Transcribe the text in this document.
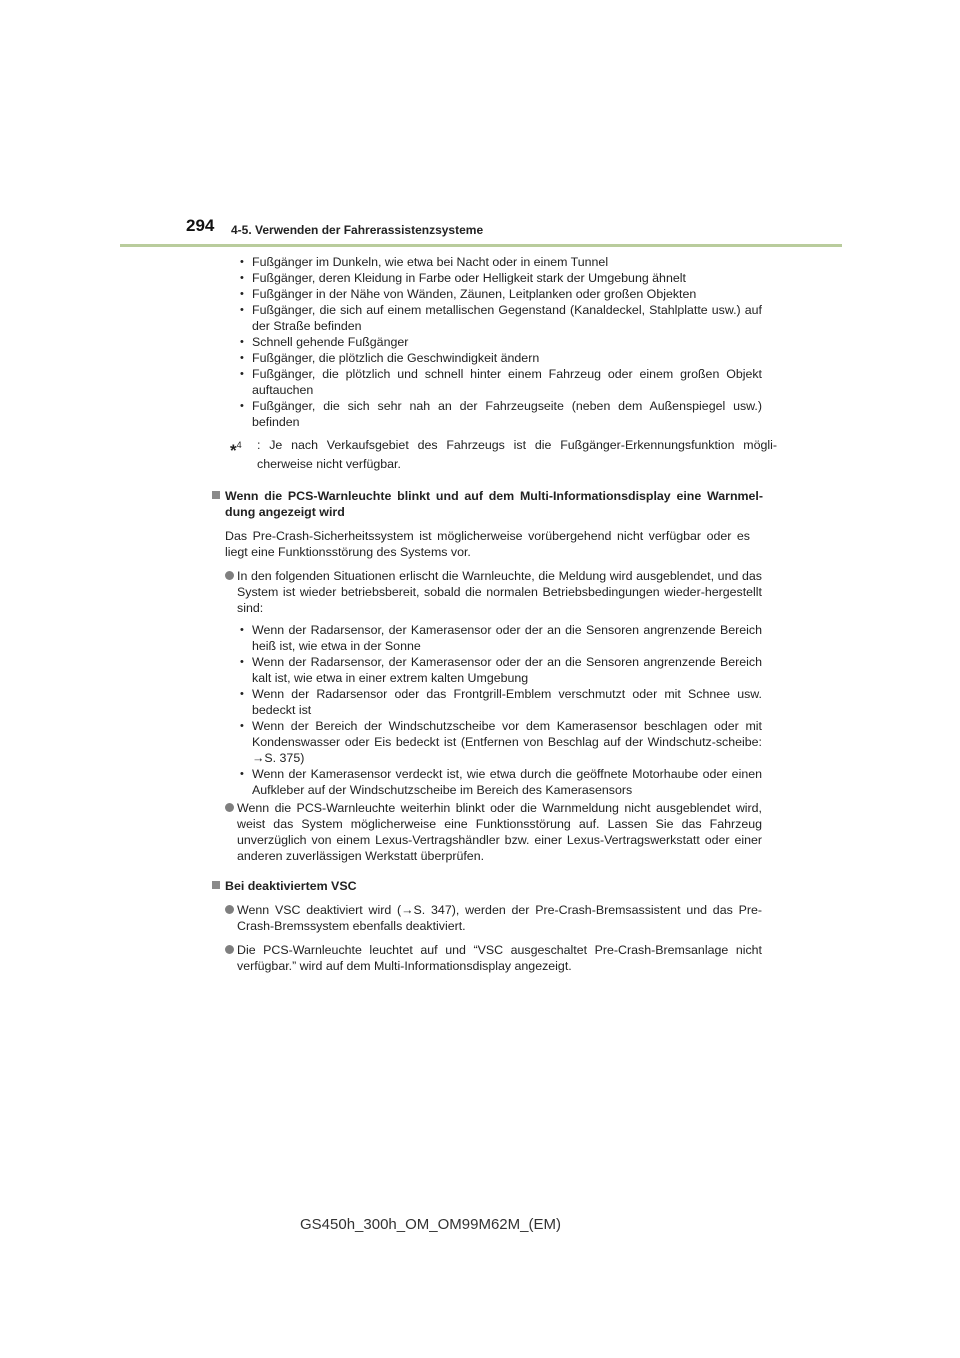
294 4-5. Verwenden der Fahrerassistenzsysteme
• Fußgänger im Dunkeln, wie etwa bei Nacht oder in einem Tunnel
• Fußgänger, deren Kleidung in Farbe oder Helligkeit stark der Umgebung ähnelt
• Fußgänger in der Nähe von Wänden, Zäunen, Leitplanken oder großen Objekten
• Fußgänger, die sich auf einem metallischen Gegenstand (Kanaldeckel, Stahlplatte usw.) auf der Straße befinden
• Schnell gehende Fußgänger
• Fußgänger, die plötzlich die Geschwindigkeit ändern
• Fußgänger, die plötzlich und schnell hinter einem Fahrzeug oder einem großen Objekt auftauchen
• Fußgänger, die sich sehr nah an der Fahrzeugseite (neben dem Außenspiegel usw.) befinden
*$^4$ : Je nach Verkaufsgebiet des Fahrzeugs ist die Fußgänger-Erkennungsfunktion mögli-cherweise nicht verfügbar.
Wenn die PCS-Warnleuchte blinkt und auf dem Multi-Informationsdisplay eine Warnmel-dung angezeigt wird
Das Pre-Crash-Sicherheitssystem ist möglicherweise vorübergehend nicht verfügbar oder es liegt eine Funktionsstörung des Systems vor.
In den folgenden Situationen erlischt die Warnleuchte, die Meldung wird ausgeblendet, und das System ist wieder betriebsbereit, sobald die normalen Betriebsbedingungen wieder-hergestellt sind:
• Wenn der Radarsensor, der Kamerasensor oder der an die Sensoren angrenzende Bereich heiß ist, wie etwa in der Sonne
• Wenn der Radarsensor, der Kamerasensor oder der an die Sensoren angrenzende Bereich kalt ist, wie etwa in einer extrem kalten Umgebung
• Wenn der Radarsensor oder das Frontgrill-Emblem verschmutzt oder mit Schnee usw. bedeckt ist
• Wenn der Bereich der Windschutzscheibe vor dem Kamerasensor beschlagen oder mit Kondenswasser oder Eis bedeckt ist (Entfernen von Beschlag auf der Windschutz-scheibe: →S. 375)
• Wenn der Kamerasensor verdeckt ist, wie etwa durch die geöffnete Motorhaube oder einen Aufkleber auf der Windschutzscheibe im Bereich des Kamerasensors
Wenn die PCS-Warnleuchte weiterhin blinkt oder die Warnmeldung nicht ausgeblendet wird, weist das System möglicherweise eine Funktionsstörung auf. Lassen Sie das Fahrzeug unverzüglich von einem Lexus-Vertragshändler bzw. einer Lexus-Vertragswerkstatt oder einer anderen zuverlässigen Werkstatt überprüfen.
Bei deaktiviertem VSC
Wenn VSC deaktiviert wird (→S. 347), werden der Pre-Crash-Bremsassistent und das Pre-Crash-Bremssystem ebenfalls deaktiviert.
Die PCS-Warnleuchte leuchtet auf und “VSC ausgeschaltet Pre-Crash-Bremsanlage nicht verfügbar.” wird auf dem Multi-Informationsdisplay angezeigt.
GS450h_300h_OM_OM99M62M_(EM)
